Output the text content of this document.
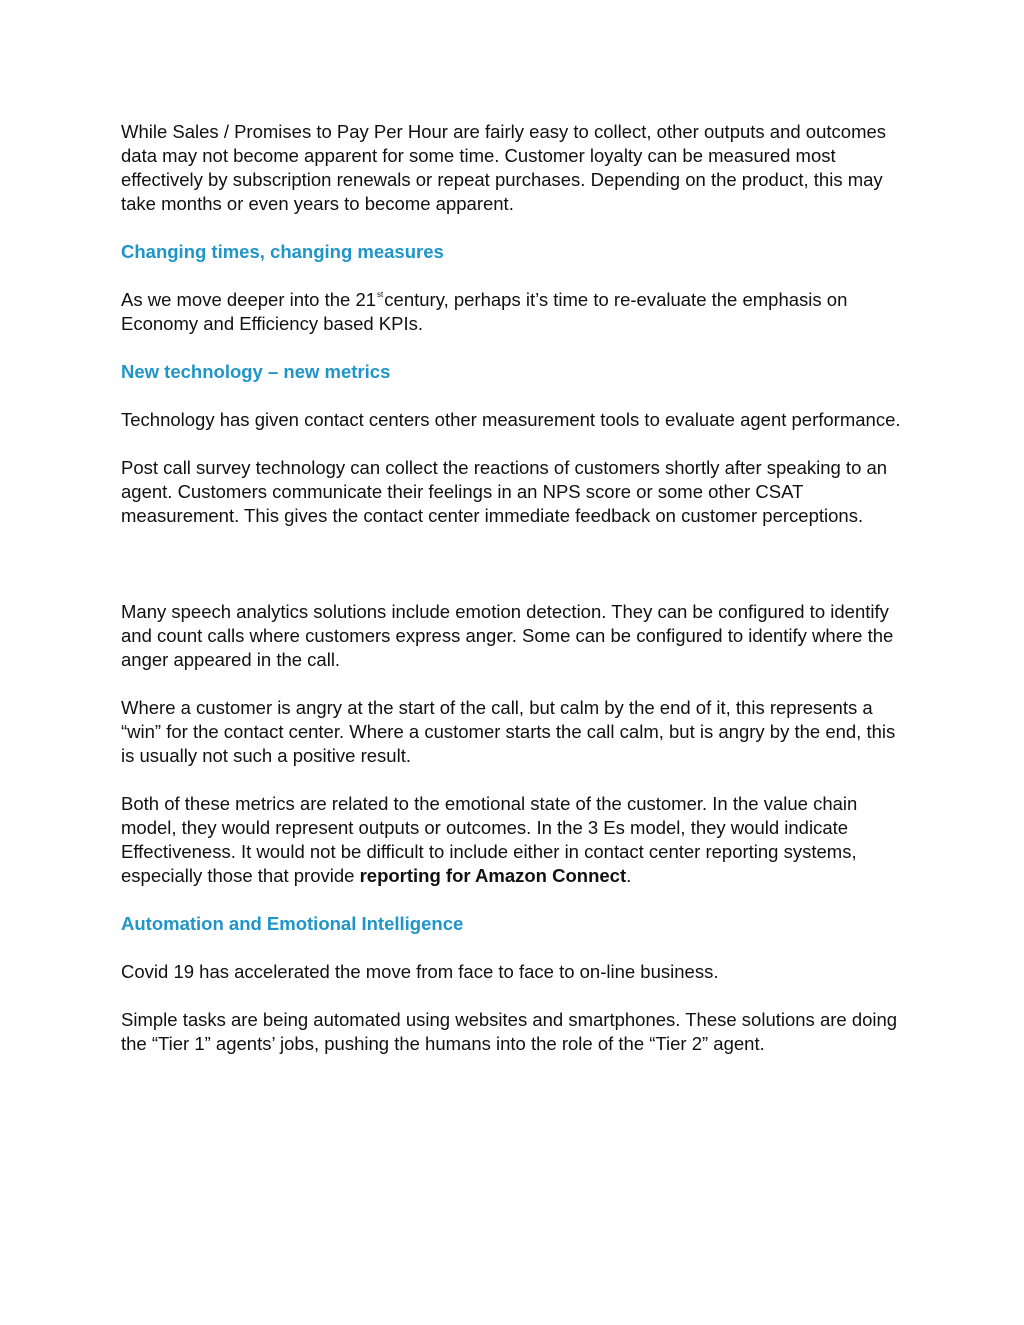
While Sales / Promises to Pay Per Hour are fairly easy to collect, other outputs and outcomes data may not become apparent for some time. Customer loyalty can be measured most effectively by subscription renewals or repeat purchases. Depending on the product, this may take months or even years to become apparent.

Changing times, changing measures

As we move deeper into the 21stcentury, perhaps it’s time to re-evaluate the emphasis on Economy and Efficiency based KPIs.

New technology – new metrics

Technology has given contact centers other measurement tools to evaluate agent performance.

Post call survey technology can collect the reactions of customers shortly after speaking to an agent. Customers communicate their feelings in an NPS score or some other CSAT measurement. This gives the contact center immediate feedback on customer perceptions.

Many speech analytics solutions include emotion detection. They can be configured to identify and count calls where customers express anger. Some can be configured to identify where the anger appeared in the call.

Where a customer is angry at the start of the call, but calm by the end of it, this represents a “win” for the contact center. Where a customer starts the call calm, but is angry by the end, this is usually not such a positive result.

Both of these metrics are related to the emotional state of the customer. In the value chain model, they would represent outputs or outcomes. In the 3 Es model, they would indicate Effectiveness. It would not be difficult to include either in contact center reporting systems, especially those that provide reporting for Amazon Connect.

Automation and Emotional Intelligence

Covid 19 has accelerated the move from face to face to on-line business.

Simple tasks are being automated using websites and smartphones. These solutions are doing the “Tier 1” agents’ jobs, pushing the humans into the role of the “Tier 2” agent.
